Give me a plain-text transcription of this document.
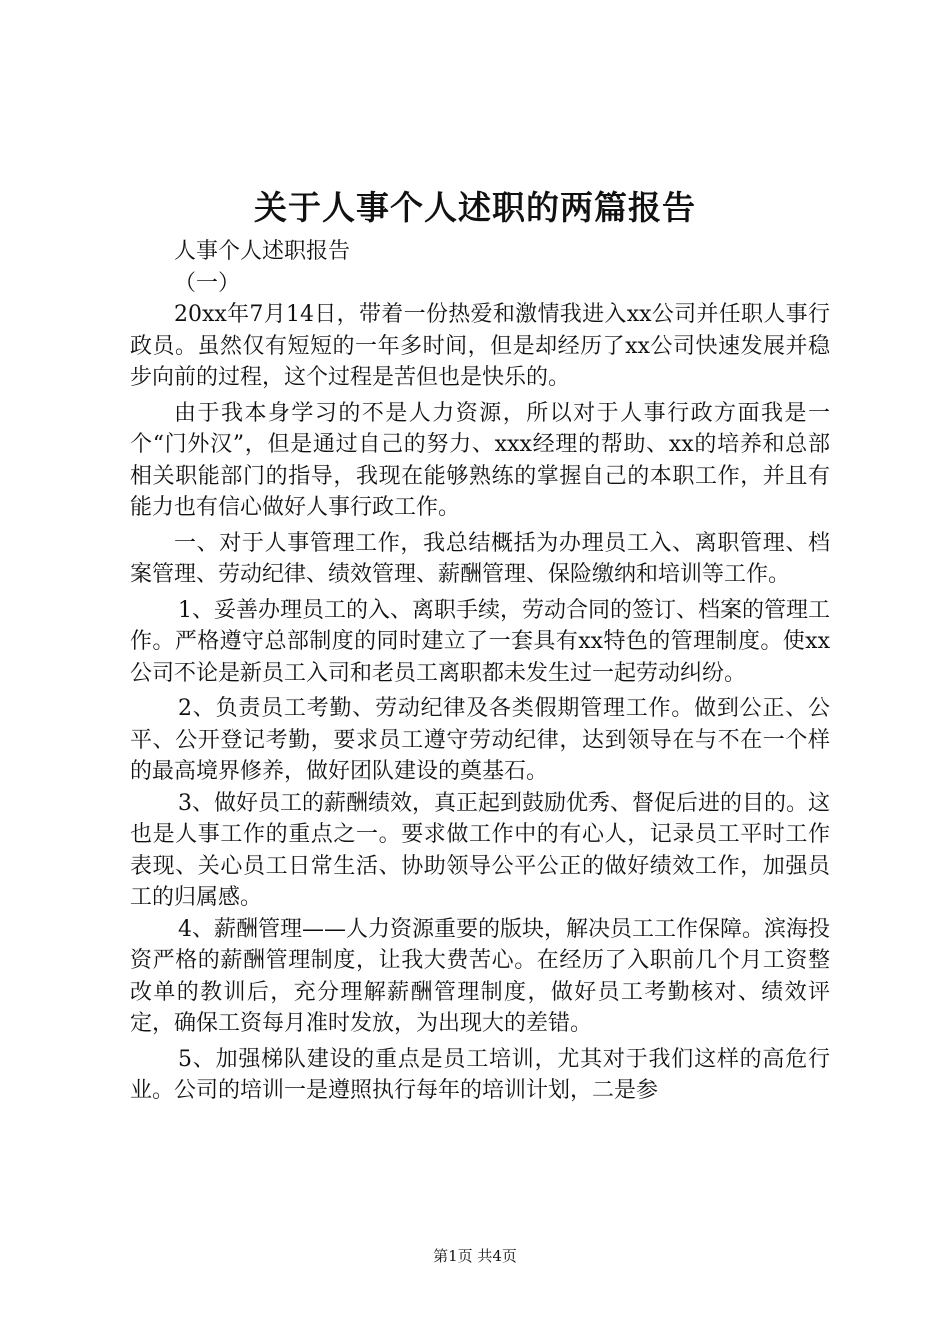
关于人事个人述职的两篇报告

人事个人述职报告

（一）

20xx年7月14日，带着一份热爱和激情我进入xx公司并任职人事行政员。虽然仅有短短的一年多时间，但是却经历了xx公司快速发展并稳步向前的过程，这个过程是苦但也是快乐的。

由于我本身学习的不是人力资源，所以对于人事行政方面我是一个“门外汉”，但是通过自己的努力、xxx经理的帮助、xx的培养和总部相关职能部门的指导，我现在能够熟练的掌握自己的本职工作，并且有能力也有信心做好人事行政工作。

一、对于人事管理工作，我总结概括为办理员工入、离职管理、档案管理、劳动纪律、绩效管理、薪酬管理、保险缴纳和培训等工作。

1、妥善办理员工的入、离职手续，劳动合同的签订、档案的管理工作。严格遵守总部制度的同时建立了一套具有xx特色的管理制度。使xx公司不论是新员工入司和老员工离职都未发生过一起劳动纠纷。

2、负责员工考勤、劳动纪律及各类假期管理工作。做到公正、公平、公开登记考勤，要求员工遵守劳动纪律，达到领导在与不在一个样的最高境界修养，做好团队建设的奠基石。

3、做好员工的薪酬绩效，真正起到鼓励优秀、督促后进的目的。这也是人事工作的重点之一。要求做工作中的有心人，记录员工平时工作表现、关心员工日常生活、协助领导公平公正的做好绩效工作，加强员工的归属感。

4、薪酬管理——人力资源重要的版块，解决员工工作保障。滨海投资严格的薪酬管理制度，让我大费苦心。在经历了入职前几个月工资整改单的教训后，充分理解薪酬管理制度，做好员工考勤核对、绩效评定，确保工资每月准时发放，为出现大的差错。

5、加强梯队建设的重点是员工培训，尤其对于我们这样的高危行业。公司的培训一是遵照执行每年的培训计划，二是参

第1页 共4页
